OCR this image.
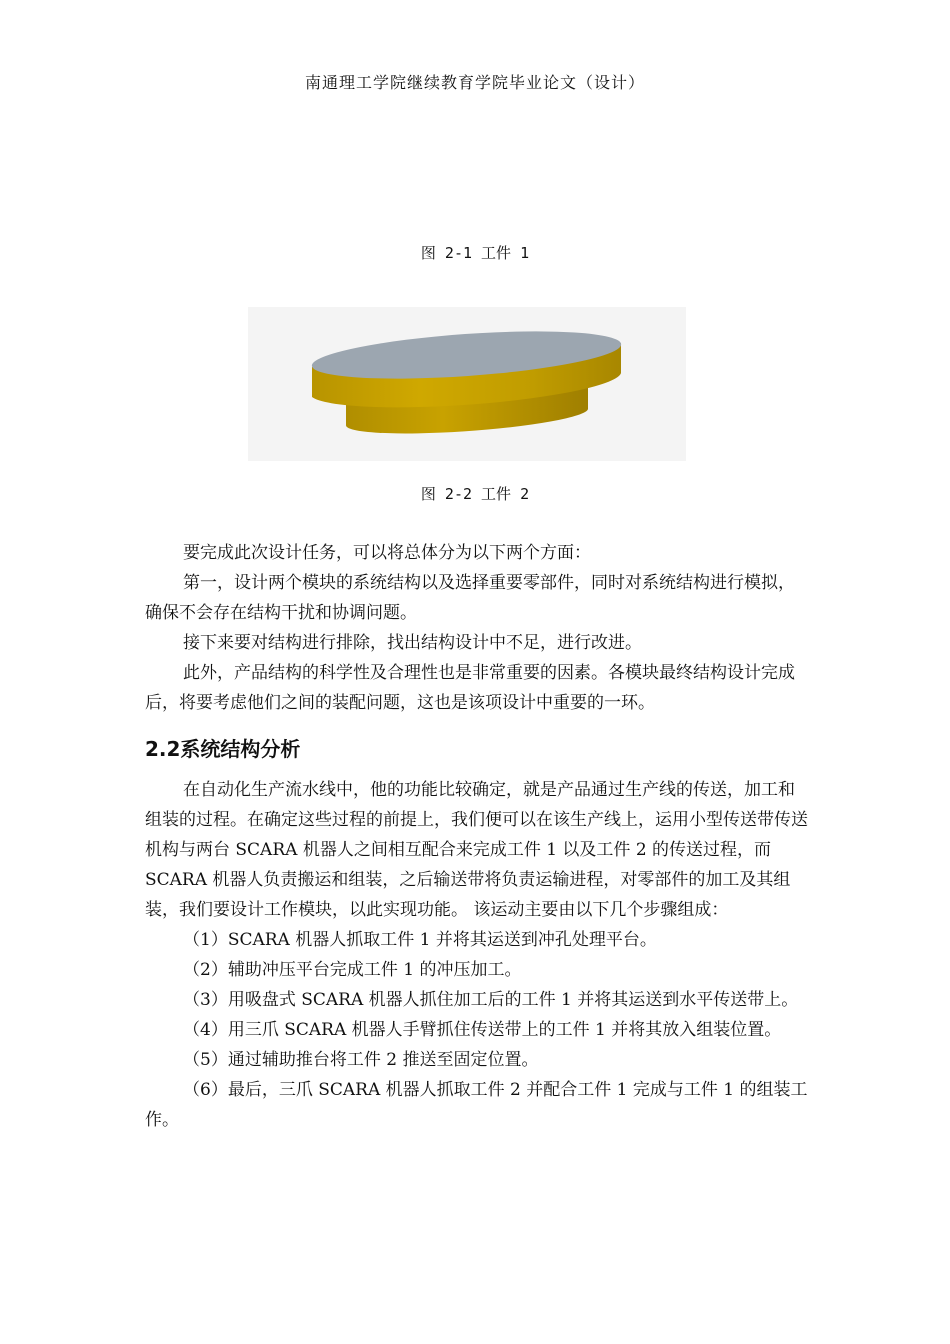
南通理工学院继续教育学院毕业论文（设计）
图 2-1 工件 1
图 2-2 工件 2

要完成此次设计任务，可以将总体分为以下两个方面：

第一，设计两个模块的系统结构以及选择重要零部件，同时对系统结构进行模拟，确保不会存在结构干扰和协调问题。

接下来要对结构进行排除，找出结构设计中不足，进行改进。

此外，产品结构的科学性及合理性也是非常重要的因素。各模块最终结构设计完成后，将要考虑他们之间的装配问题，这也是该项设计中重要的一环。

2.2系统结构分析

在自动化生产流水线中，他的功能比较确定，就是产品通过生产线的传送，加工和组装的过程。在确定这些过程的前提上，我们便可以在该生产线上，运用小型传送带传送机构与两台 SCARA 机器人之间相互配合来完成工件 1 以及工件 2 的传送过程，而 SCARA 机器人负责搬运和组装，之后输送带将负责运输进程，对零部件的加工及其组装，我们要设计工作模块，以此实现功能。 该运动主要由以下几个步骤组成：

（1）SCARA 机器人抓取工件 1 并将其运送到冲孔处理平台。

（2）辅助冲压平台完成工件 1 的冲压加工。

（3）用吸盘式 SCARA 机器人抓住加工后的工件 1 并将其运送到水平传送带上。

（4）用三爪 SCARA 机器人手臂抓住传送带上的工件 1 并将其放入组装位置。

（5）通过辅助推台将工件 2 推送至固定位置。

（6）最后，三爪 SCARA 机器人抓取工件 2 并配合工件 1 完成与工件 1 的组装工作。
